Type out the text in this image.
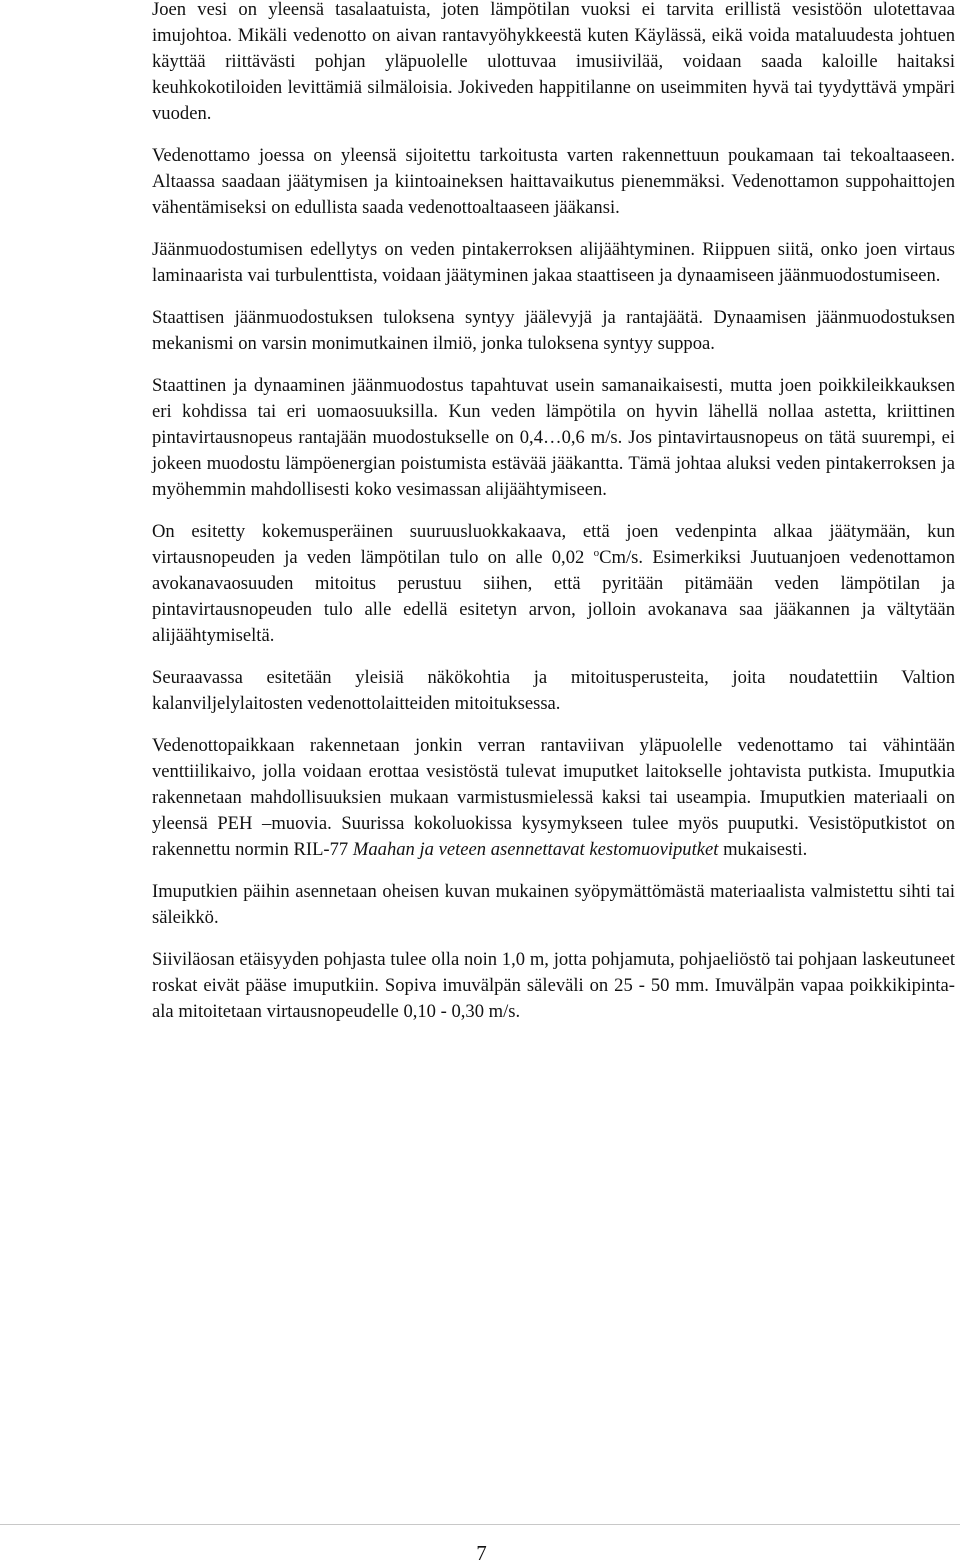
Joen vesi on yleensä tasalaatuista, joten lämpötilan vuoksi ei tarvita erillistä vesistöön ulotettavaa imujohtoa. Mikäli vedenotto on aivan rantavyöhykkeestä kuten Käylässä, eikä voida mataluudesta johtuen käyttää riittävästi pohjan yläpuolelle ulottuvaa imusiivilää, voidaan saada kaloille haitaksi keuhkokotiloiden levittämiä silmäloisia. Jokiveden happitilanne on useimmiten hyvä tai tyydyttävä ympäri vuoden.

Vedenottamo joessa on yleensä sijoitettu tarkoitusta varten rakennettuun poukamaan tai tekoaltaaseen. Altaassa saadaan jäätymisen ja kiintoaineksen haittavaikutus pienemmäksi. Vedenottamon suppohaittojen vähentämiseksi on edullista saada vedenottoaltaaseen jääkansi.

Jäänmuodostumisen edellytys on veden pintakerroksen alijäähtyminen. Riippuen siitä, onko joen virtaus laminaarista vai turbulenttista, voidaan jäätyminen jakaa staattiseen ja dynaamiseen jäänmuodostumiseen.

Staattisen jäänmuodostuksen tuloksena syntyy jäälevyjä ja rantajäätä. Dynaamisen jäänmuodostuksen mekanismi on varsin monimutkainen ilmiö, jonka tuloksena syntyy suppoa.

Staattinen ja dynaaminen jäänmuodostus tapahtuvat usein samanaikaisesti, mutta joen poikkileikkauksen eri kohdissa tai eri uomaosuuksilla. Kun veden lämpötila on hyvin lähellä nollaa astetta, kriittinen pintavirtausnopeus rantajään muodostukselle on 0,4…0,6 m/s. Jos pintavirtausnopeus on tätä suurempi, ei jokeen muodostu lämpöenergian poistumista estävää jääkantta. Tämä johtaa aluksi veden pintakerroksen ja myöhemmin mahdollisesti koko vesimassan alijäähtymiseen.

On esitetty kokemusperäinen suuruusluokkakaava, että joen vedenpinta alkaa jäätymään, kun virtausnopeuden ja veden lämpötilan tulo on alle 0,02 $^o$Cm/s. Esimerkiksi Juutuanjoen vedenottamon avokanavaosuuden mitoitus perustuu siihen, että pyritään pitämään veden lämpötilan ja pintavirtausnopeuden tulo alle edellä esitetyn arvon, jolloin avokanava saa jääkannen ja vältytään alijäähtymiseltä.

Seuraavassa esitetään yleisiä näkökohtia ja mitoitusperusteita, joita noudatettiin Valtion kalanviljelylaitosten vedenottolaitteiden mitoituksessa.

Vedenottopaikkaan rakennetaan jonkin verran rantaviivan yläpuolelle vedenottamo tai vähintään venttiilikaivo, jolla voidaan erottaa vesistöstä tulevat imuputket laitokselle johtavista putkista. Imuputkia rakennetaan mahdollisuuksien mukaan varmistusmielessä kaksi tai useampia. Imuputkien materiaali on yleensä PEH –muovia. Suurissa kokoluokissa kysymykseen tulee myös puuputki. Vesistöputkistot on rakennettu normin RIL-77 Maahan ja veteen asennettavat kestomuoviputket mukaisesti.

Imuputkien päihin asennetaan oheisen kuvan mukainen syöpymättömästä materiaalista valmistettu sihti tai säleikkö.

Siiviläosan etäisyyden pohjasta tulee olla noin 1,0 m, jotta pohjamuta, pohjaeliöstö tai pohjaan laskeutuneet roskat eivät pääse imuputkiin. Sopiva imuvälpän säleväli on 25 - 50 mm. Imuvälpän vapaa poikkikipinta-ala mitoitetaan virtausnopeudelle 0,10 - 0,30 m/s.

7
